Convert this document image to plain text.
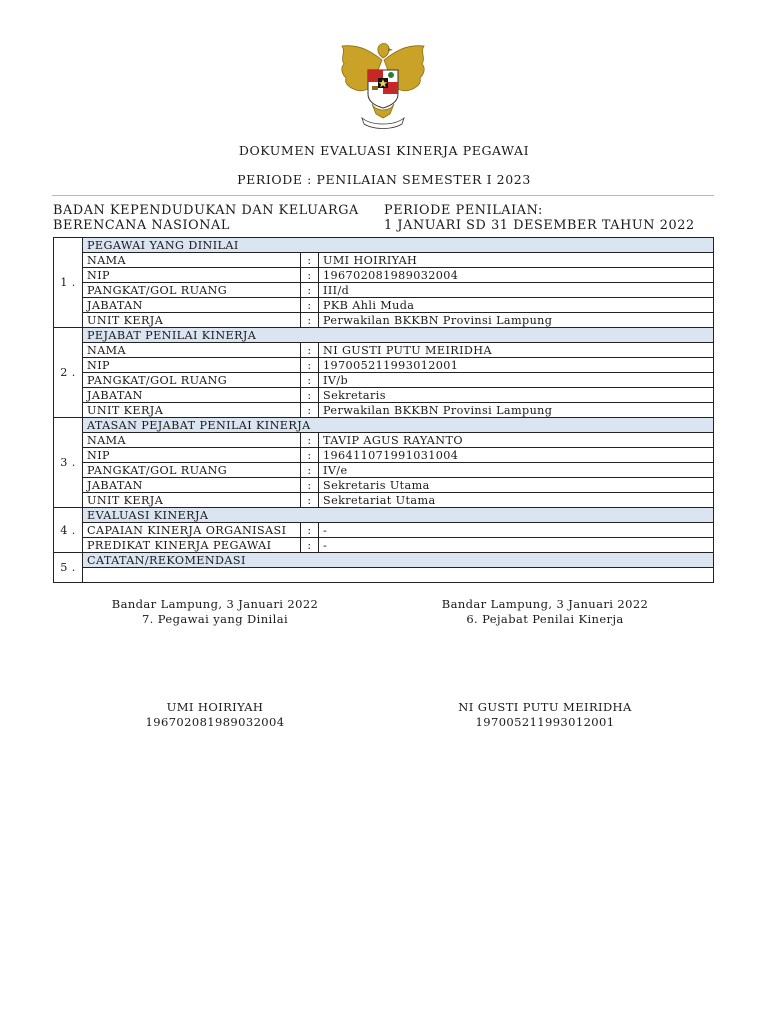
DOKUMEN EVALUASI KINERJA PEGAWAI
PERIODE : PENILAIAN SEMESTER I 2023
BADAN KEPENDUDUKAN DAN KELUARGA
BERENCANA NASIONAL
PERIODE PENILAIAN:
1 JANUARI SD 31 DESEMBER TAHUN 2022
1 .	PEGAWAI YANG DINILAI		
	NAMA	:	UMI HOIRIYAH
	NIP	:	196702081989032004
	PANGKAT/GOL RUANG	:	III/d
	JABATAN	:	PKB Ahli Muda
	UNIT KERJA	:	Perwakilan BKKBN Provinsi Lampung
2 .	PEJABAT PENILAI KINERJA		
	NAMA	:	NI GUSTI PUTU MEIRIDHA
	NIP	:	197005211993012001
	PANGKAT/GOL RUANG	:	IV/b
	JABATAN	:	Sekretaris
	UNIT KERJA	:	Perwakilan BKKBN Provinsi Lampung
3 .	ATASAN PEJABAT PENILAI KINERJA		
	NAMA	:	TAVIP AGUS RAYANTO
	NIP	:	196411071991031004
	PANGKAT/GOL RUANG	:	IV/e
	JABATAN	:	Sekretaris Utama
	UNIT KERJA	:	Sekretariat Utama
4 .	EVALUASI KINERJA		
	CAPAIAN KINERJA ORGANISASI	:	-
	PREDIKAT KINERJA PEGAWAI	:	-
5 .	CATATAN/REKOMENDASI		

Bandar Lampung, 3 Januari 2022
7. Pegawai yang Dinilai
UMI HOIRIYAH
196702081989032004
Bandar Lampung, 3 Januari 2022
6. Pejabat Penilai Kinerja
NI GUSTI PUTU MEIRIDHA
197005211993012001
